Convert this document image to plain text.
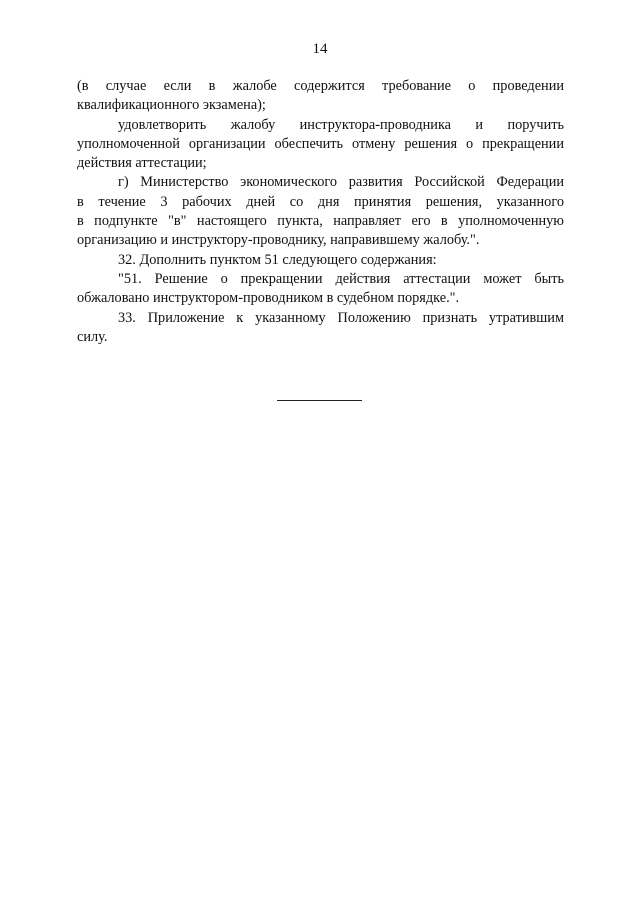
14
(в случае если в жалобе содержится требование о проведении
квалификационного экзамена);
удовлетворить жалобу инструктора-проводника и поручить
уполномоченной организации обеспечить отмену решения о прекращении
действия аттестации;
г) Министерство экономического развития Российской Федерации
в течение 3 рабочих дней со дня принятия решения, указанного
в подпункте "в" настоящего пункта, направляет его в уполномоченную
организацию и инструктору-проводнику, направившему жалобу.".
32. Дополнить пунктом 51 следующего содержания:
"51. Решение о прекращении действия аттестации может быть
обжаловано инструктором-проводником в судебном порядке.".
33. Приложение к указанному Положению признать утратившим
силу.
